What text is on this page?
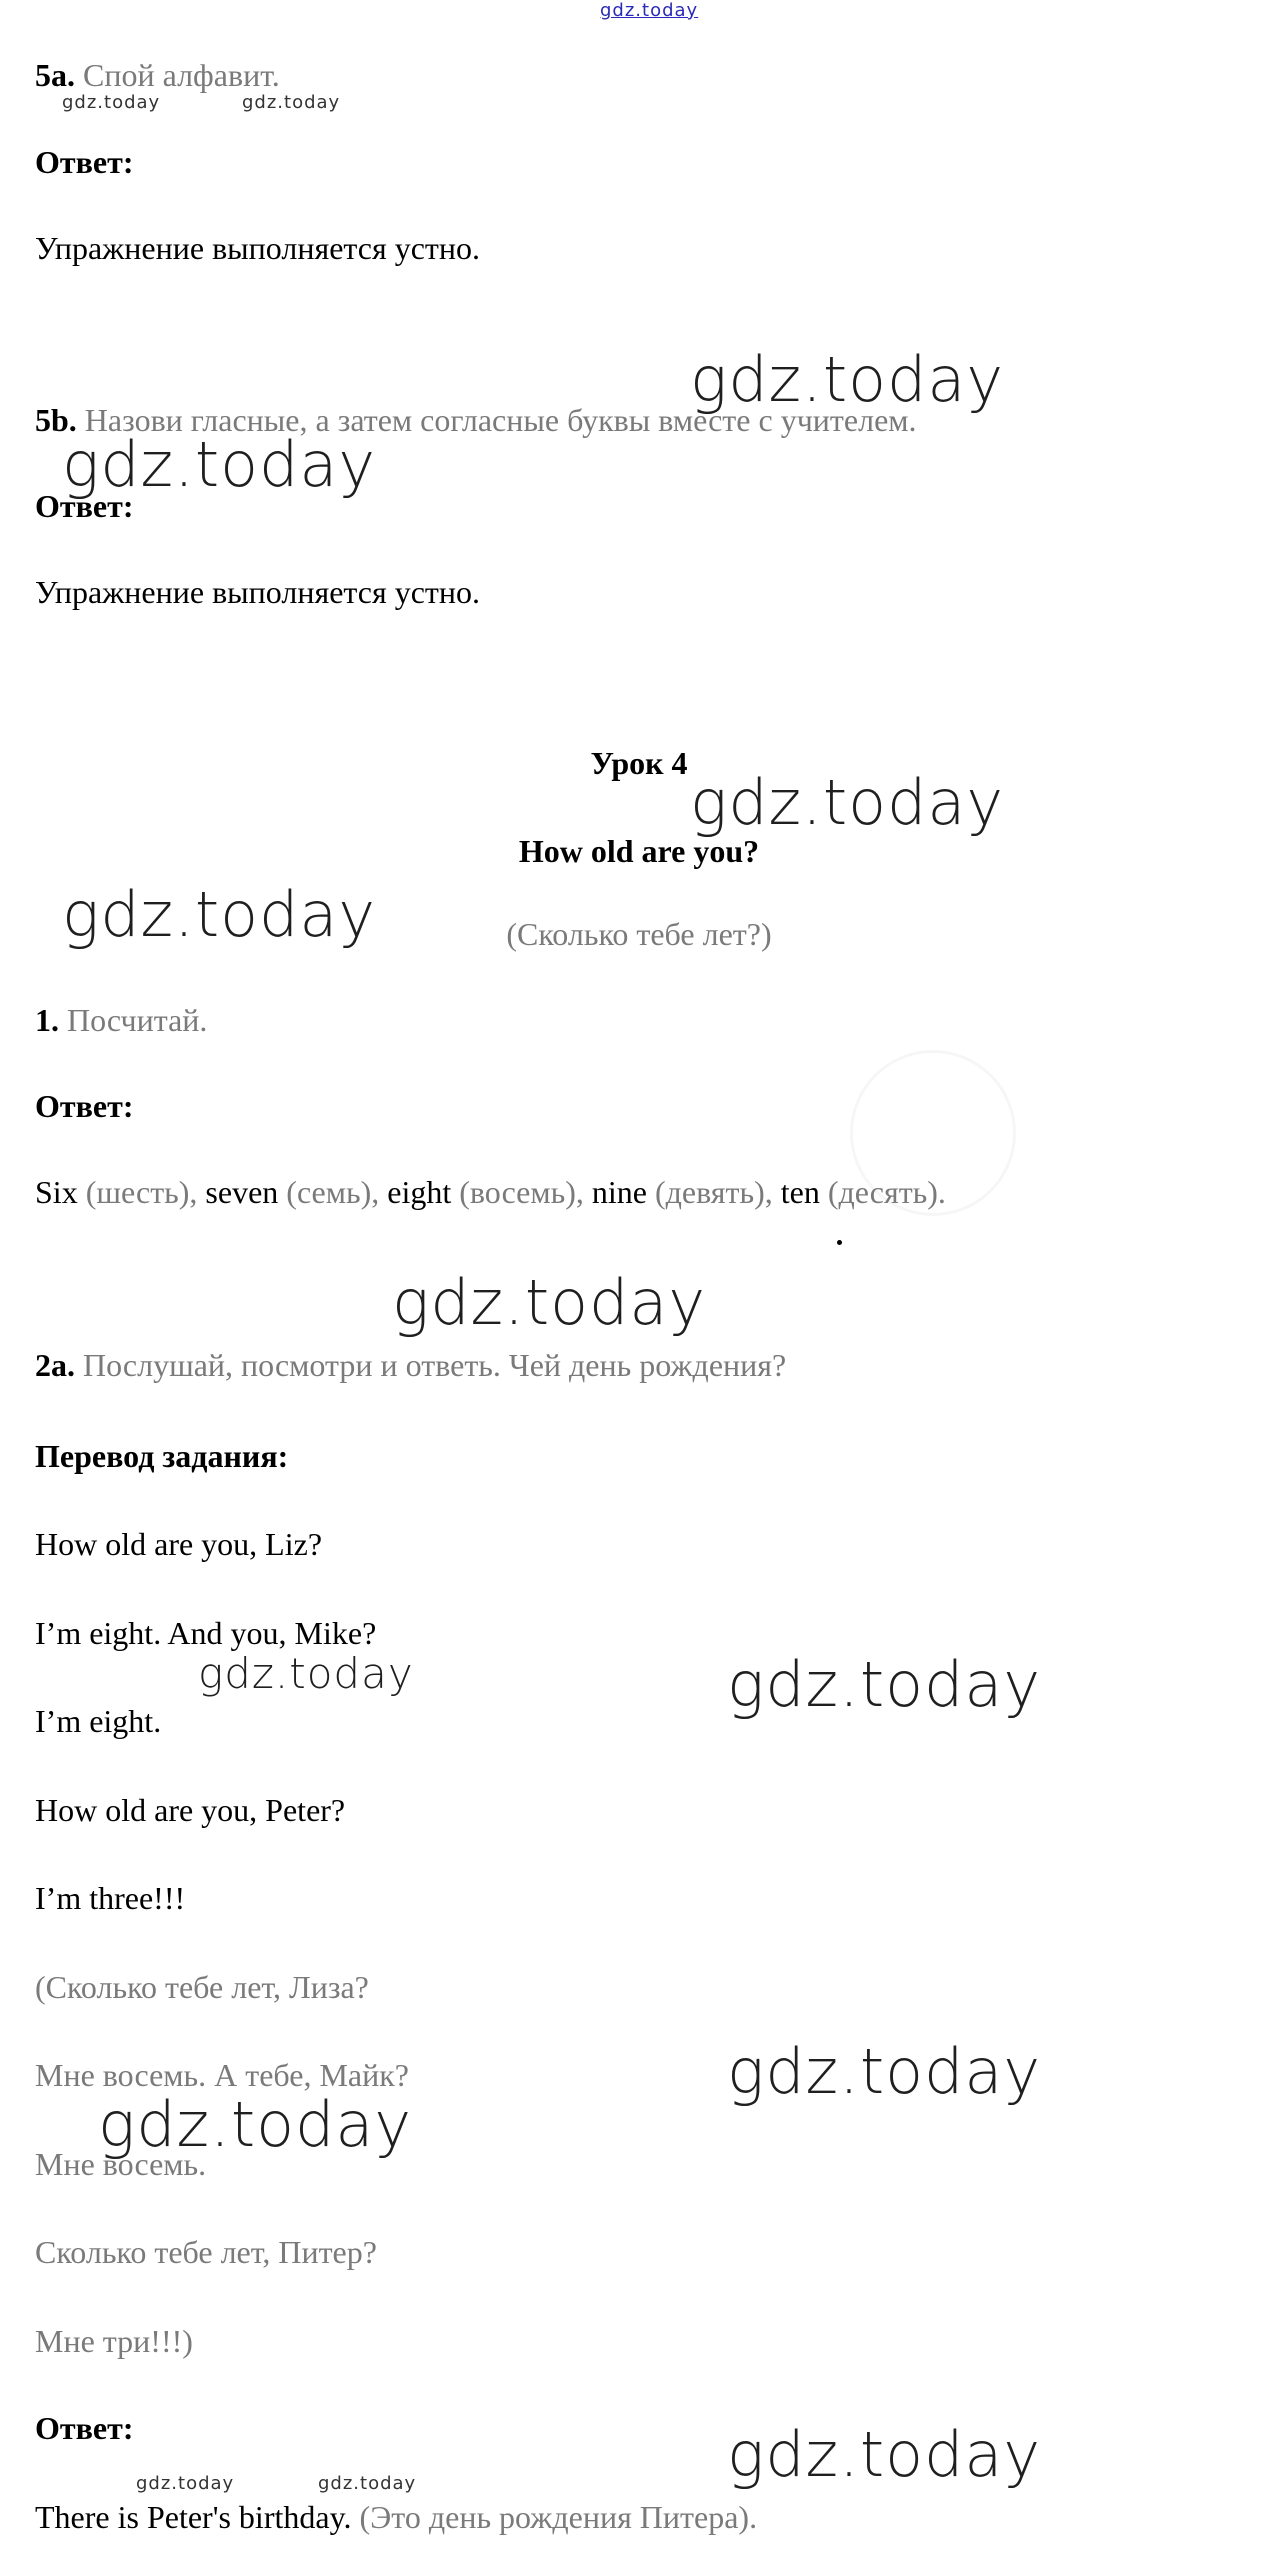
gdz.today
5a. Спой алфавит.
gdz.today	gdz.today
Ответ:
Упражнение выполняется устно.
gdz.today
5b. Назови гласные, а затем согласные буквы вместе с учителем.
gdz.today
Ответ:
Упражнение выполняется устно.
Урок 4
gdz.today
How old are you?
gdz.today	(Сколько тебе лет?)
1. Посчитай.
Ответ:
Six (шесть), seven (семь), eight (восемь), nine (девять), ten (десять).
gdz.today
2a. Послушай, посмотри и ответь. Чей день рождения?
Перевод задания:
How old are you, Liz?
I’m eight. And you, Mike?
gdz.today	gdz.today
I’m eight.
How old are you, Peter?
I’m three!!!
(Сколько тебе лет, Лиза?
gdz.today
Мне восемь. А тебе, Майк?
gdz.today
Мне восемь.
Сколько тебе лет, Питер?
Мне три!!!)
Ответ:	gdz.today
gdz.today	gdz.today
There is Peter's birthday. (Это день рождения Питера).
